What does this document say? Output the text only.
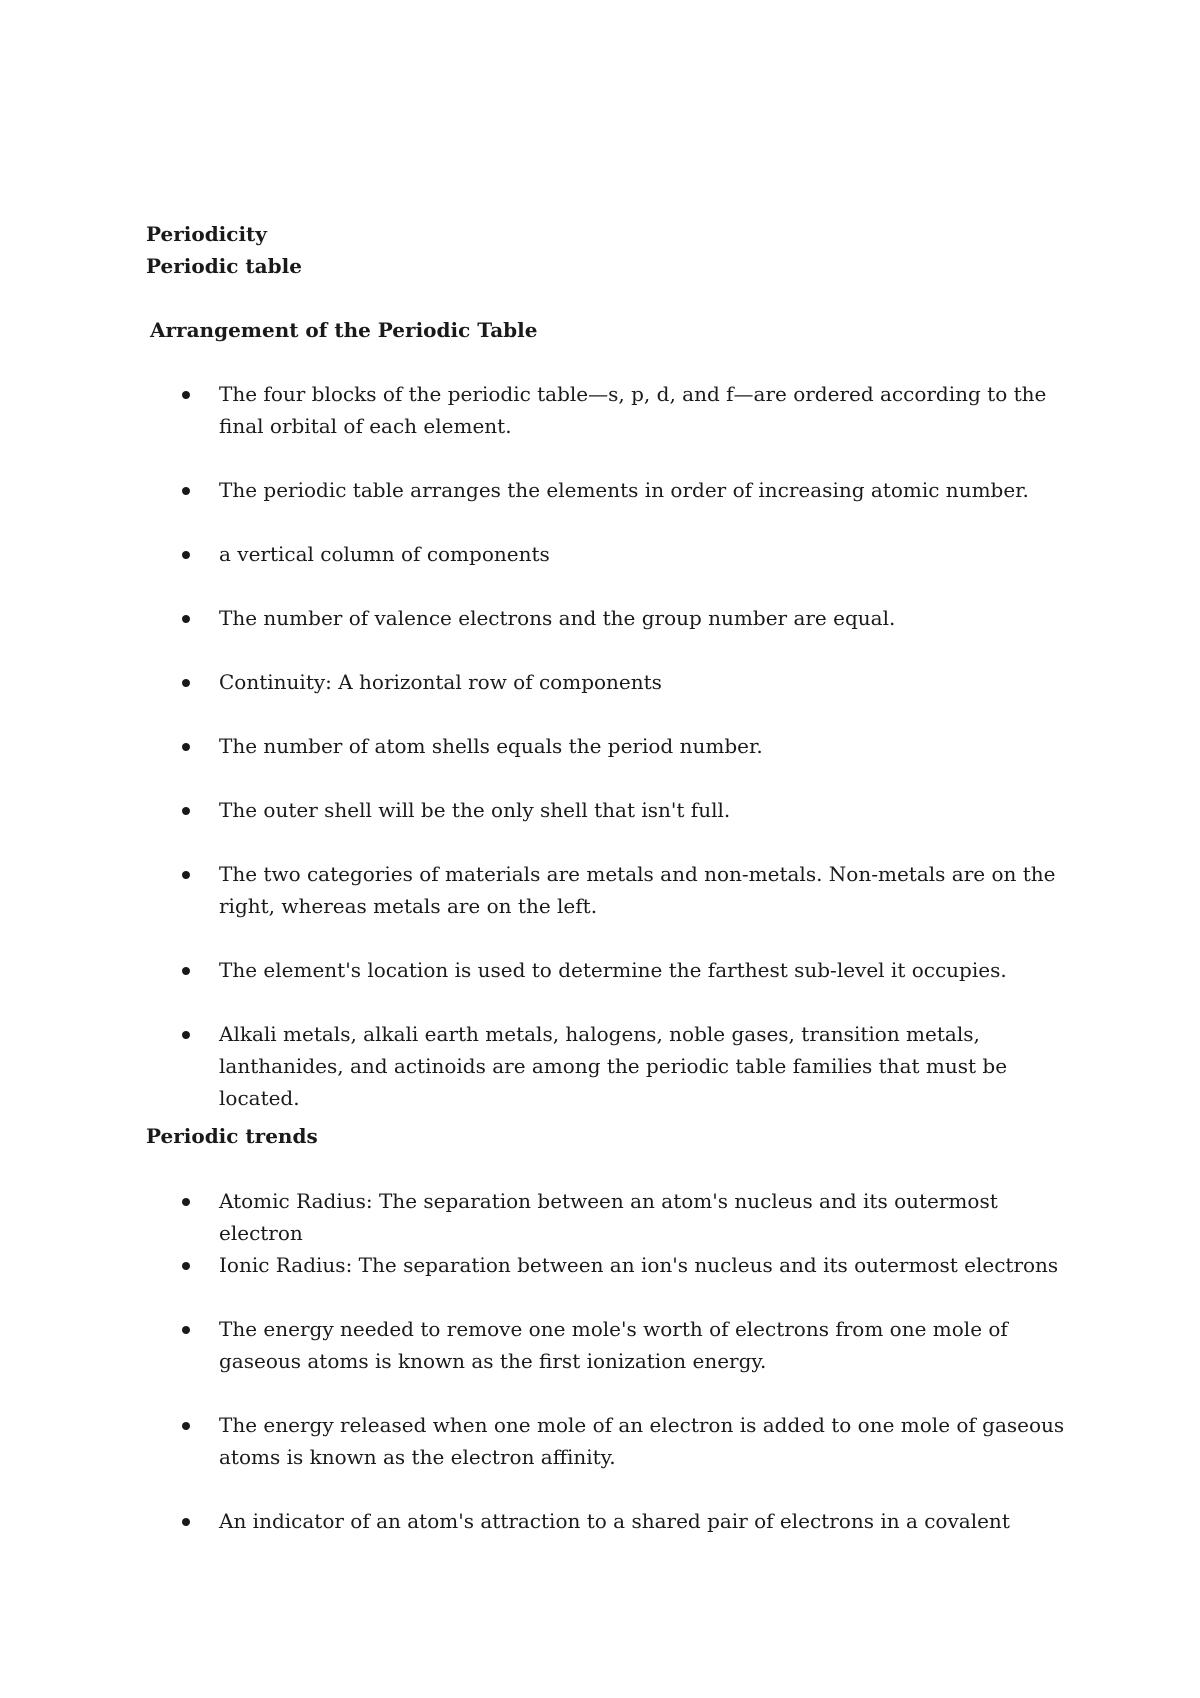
Periodicity
Periodic table
Arrangement of the Periodic Table
The four blocks of the periodic table—s, p, d, and f—are ordered according to the final orbital of each element.
The periodic table arranges the elements in order of increasing atomic number.
a vertical column of components
The number of valence electrons and the group number are equal.
Continuity: A horizontal row of components
The number of atom shells equals the period number.
The outer shell will be the only shell that isn't full.
The two categories of materials are metals and non-metals. Non-metals are on the right, whereas metals are on the left.
The element's location is used to determine the farthest sub-level it occupies.
Alkali metals, alkali earth metals, halogens, noble gases, transition metals, lanthanides, and actinoids are among the periodic table families that must be located.
Periodic trends
Atomic Radius: The separation between an atom's nucleus and its outermost electron
Ionic Radius: The separation between an ion's nucleus and its outermost electrons
The energy needed to remove one mole's worth of electrons from one mole of gaseous atoms is known as the first ionization energy.
The energy released when one mole of an electron is added to one mole of gaseous atoms is known as the electron affinity.
An indicator of an atom's attraction to a shared pair of electrons in a covalent
